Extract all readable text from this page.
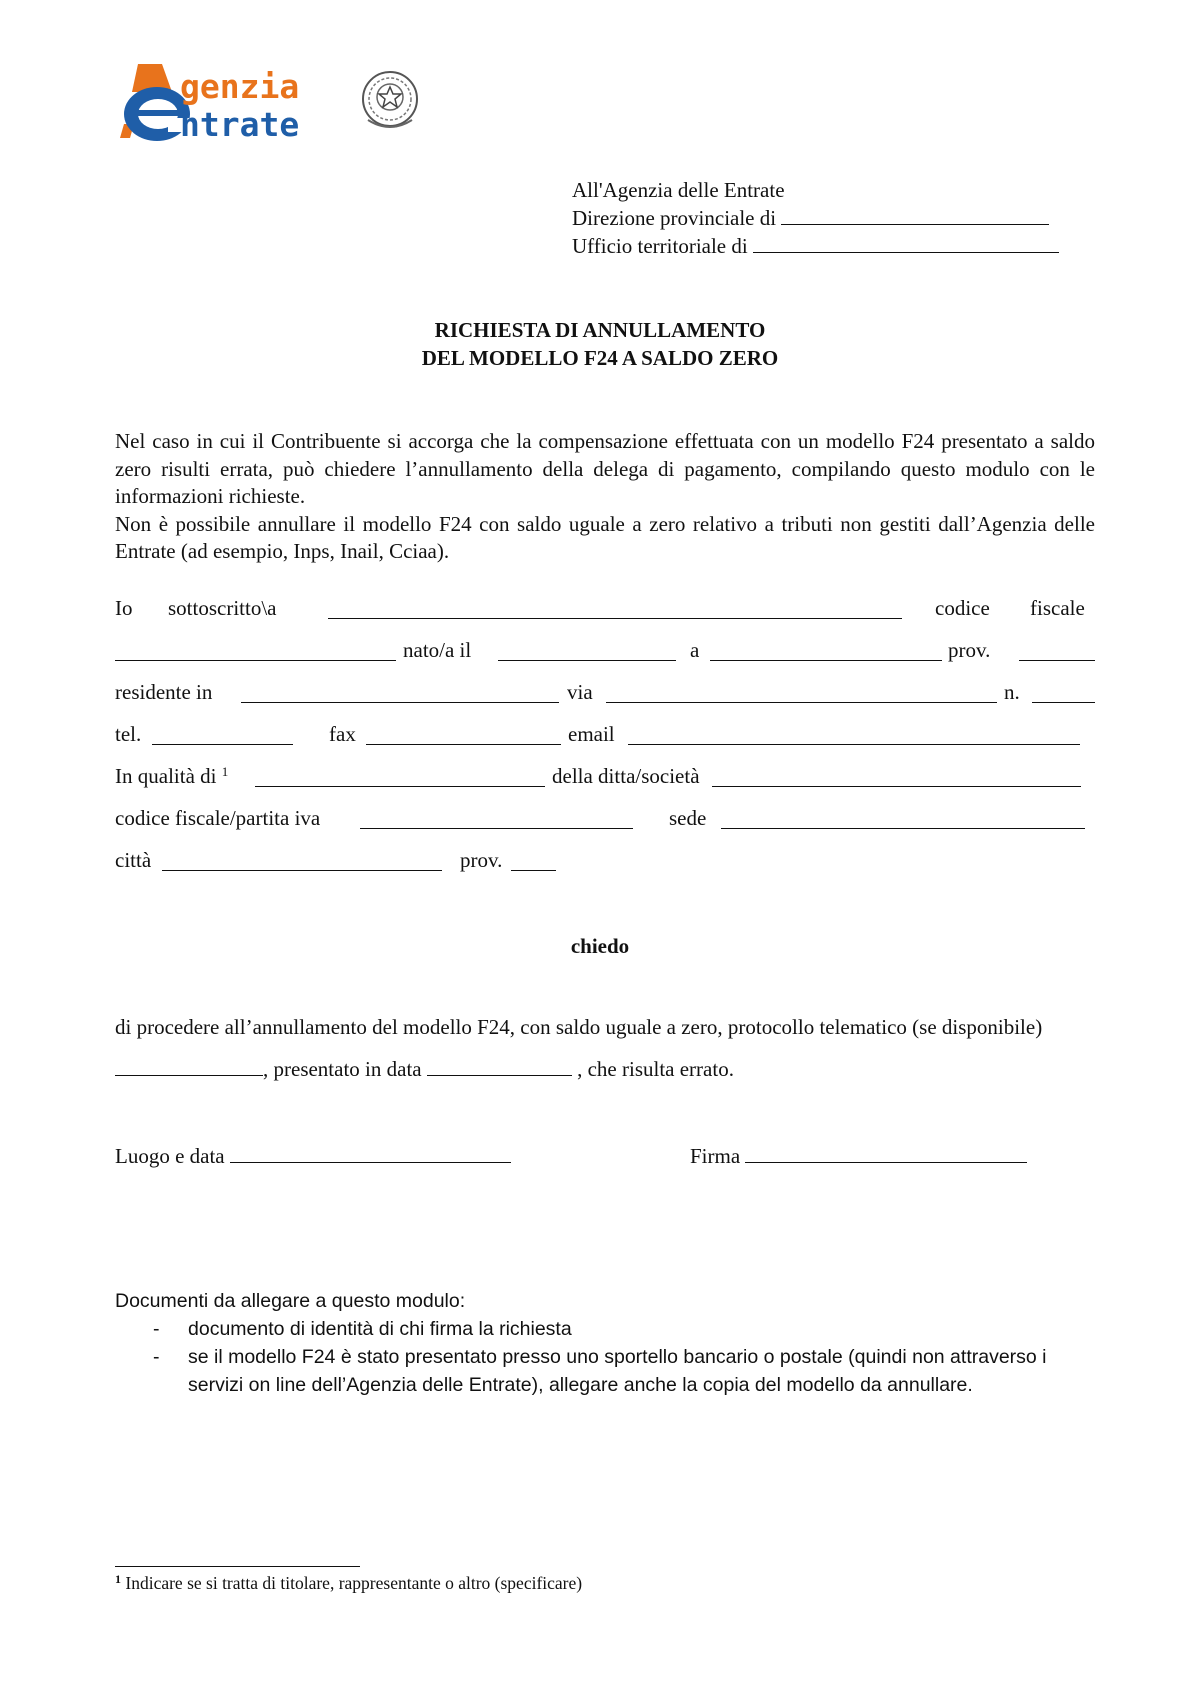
genzia
ntrate
All'Agenzia delle Entrate
Direzione provinciale di
Ufficio territoriale di
RICHIESTA DI ANNULLAMENTO
DEL MODELLO F24 A SALDO ZERO

Nel caso in cui il Contribuente si accorga che la compensazione effettuata con un modello F24 presentato a saldo zero risulti errata, può chiedere l’annullamento della delega di pagamento, compilando questo modulo con le informazioni richieste.

Non è possibile annullare il modello F24 con saldo uguale a zero relativo a tributi non gestiti dall’Agenzia delle Entrate (ad esempio, Inps, Inail, Cciaa).

Io sottoscritto\a	codice fiscale
nato/a il	a	prov.
residente in	via	n.
tel.	fax	email
In qualità di $^1$	della ditta/società
codice fiscale/partita iva	sede
città	prov.
chiedo
di procedere all’annullamento del modello F24, con saldo uguale a zero, protocollo telematico (se disponibile) , presentato in data	, che risulta errato.
Luogo e data	Firma
Documenti da allegare a questo modulo:
- documento di identità di chi firma la richiesta
- se il modello F24 è stato presentato presso uno sportello bancario o postale (quindi non attraverso i servizi on line dell’Agenzia delle Entrate), allegare anche la copia del modello da annullare.
$^1$ Indicare se si tratta di titolare, rappresentante o altro (specificare)
